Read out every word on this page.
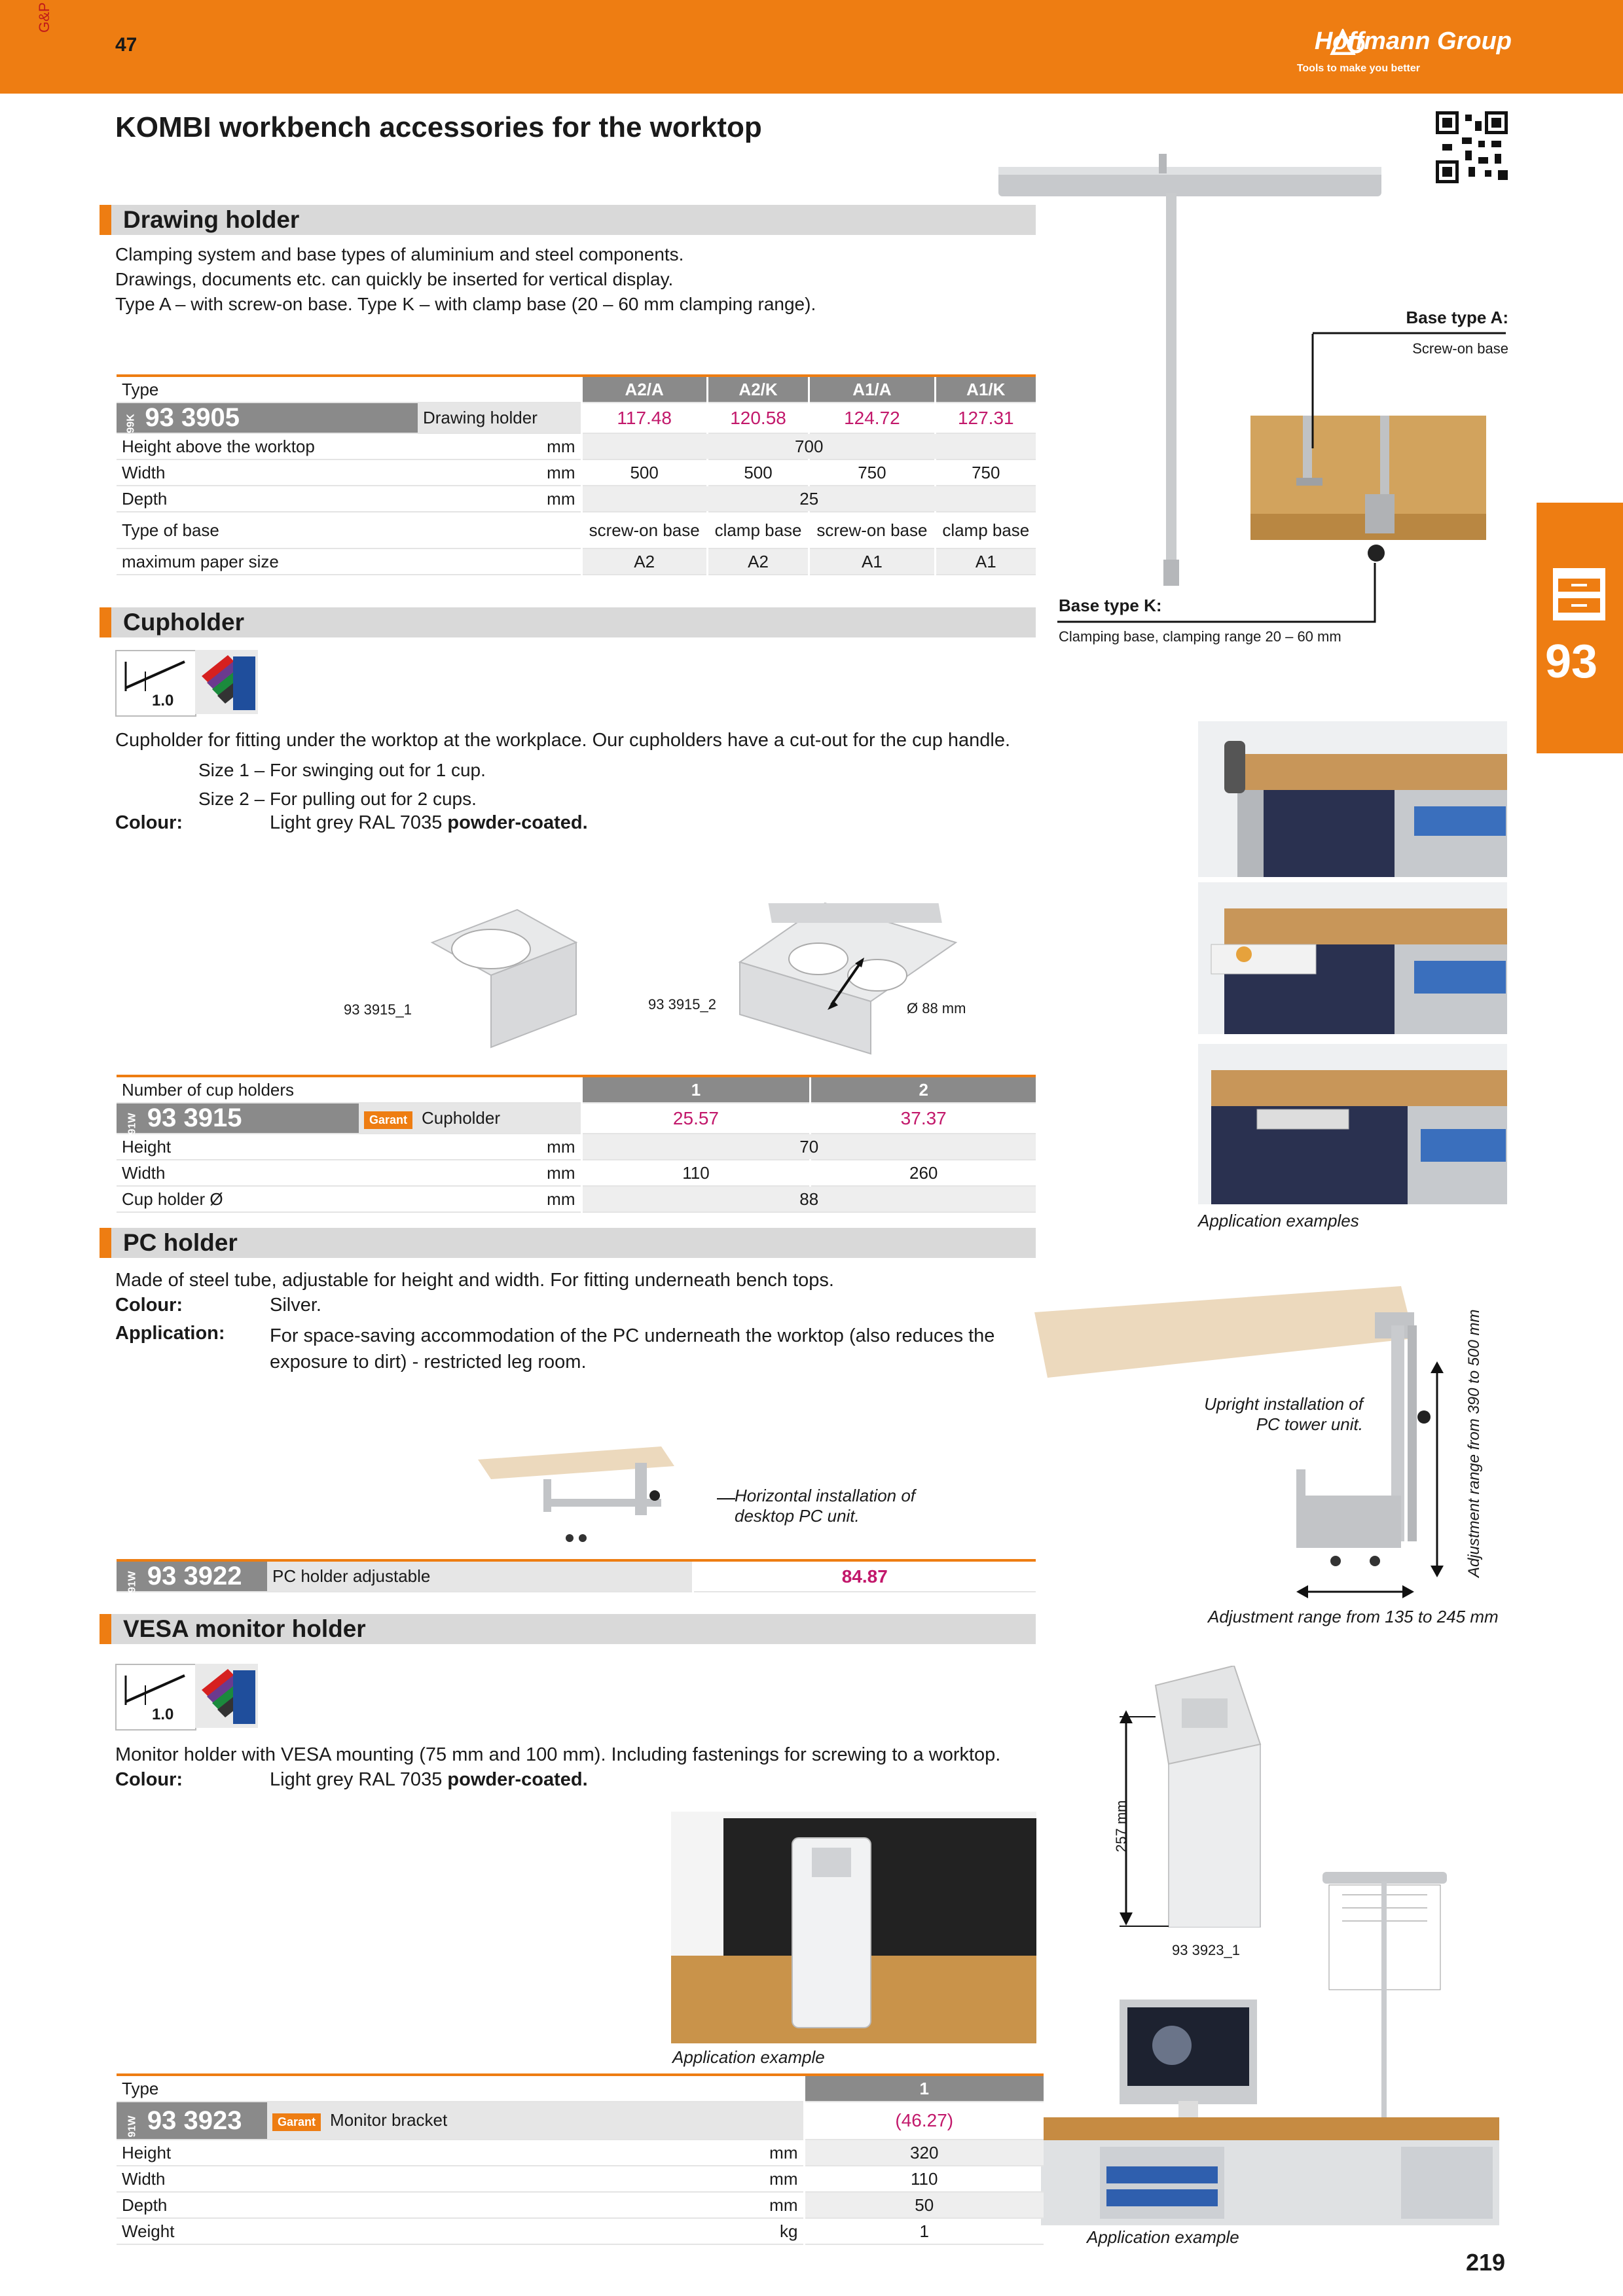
G&P
47	Hoffmann Group
Tools to make you better
KOMBI workbench accessories for the worktop
93
Drawing holder
Clamping system and base types of aluminium and steel components.
Drawings, documents etc. can quickly be inserted for vertical display.
Type A – with screw-on base. Type K – with clamp base (20 – 60 mm clamping range).
Type		A2/A	A2/K	A1/A	A1/K
99K 93 3905	Drawing holder	117.48	120.58	124.72	127.31
Height above the worktop	mm	700			
Width	mm	500	500	750	750
Depth	mm	25			
Type of base		screw-on base	clamp base	screw-on base	clamp base
maximum paper size		A2	A2	A1	A1
Base type A:
Screw-on base
Base type K:
Clamping base, clamping range 20 – 60 mm
Cupholder
1.0
Cupholder for fitting under the worktop at the workplace. Our cupholders have a cut-out for the cup handle.
Size 1 – For swinging out for 1 cup.
Size 2 – For pulling out for 2 cups.
Colour:	Light grey RAL 7035 powder-coated.
93 3915_1	93 3915_2	Ø 88 mm
Application examples
Number of cup holders		1	2
91W 93 3915	Garant Cupholder	25.57	37.37
Height	mm	70	
Width	mm	110	260
Cup holder Ø	mm	88	
PC holder
Made of steel tube, adjustable for height and width. For fitting underneath bench tops.
Colour:	Silver.
Application: For space-saving accommodation of the PC underneath the worktop (also reduces the
exposure to dirt) - restricted leg room.
Horizontal installation of
desktop PC unit.
Upright installation of
PC tower unit.	Adjustment range from 390 to 500 mm
Adjustment range from 135 to 245 mm
91W 93 3922	PC holder adjustable	84.87
VESA monitor holder
1.0
Monitor holder with VESA mounting (75 mm and 100 mm). Including fastenings for screwing to a worktop.
Colour:	Light grey RAL 7035 powder-coated.
Application example
257 mm
93 3923_1
Application example
Type			1
91W 93 3923	Garant Monitor bracket		(46.27)
Height		mm	320
Width		mm	110
Depth		mm	50
Weight		kg	1
219
